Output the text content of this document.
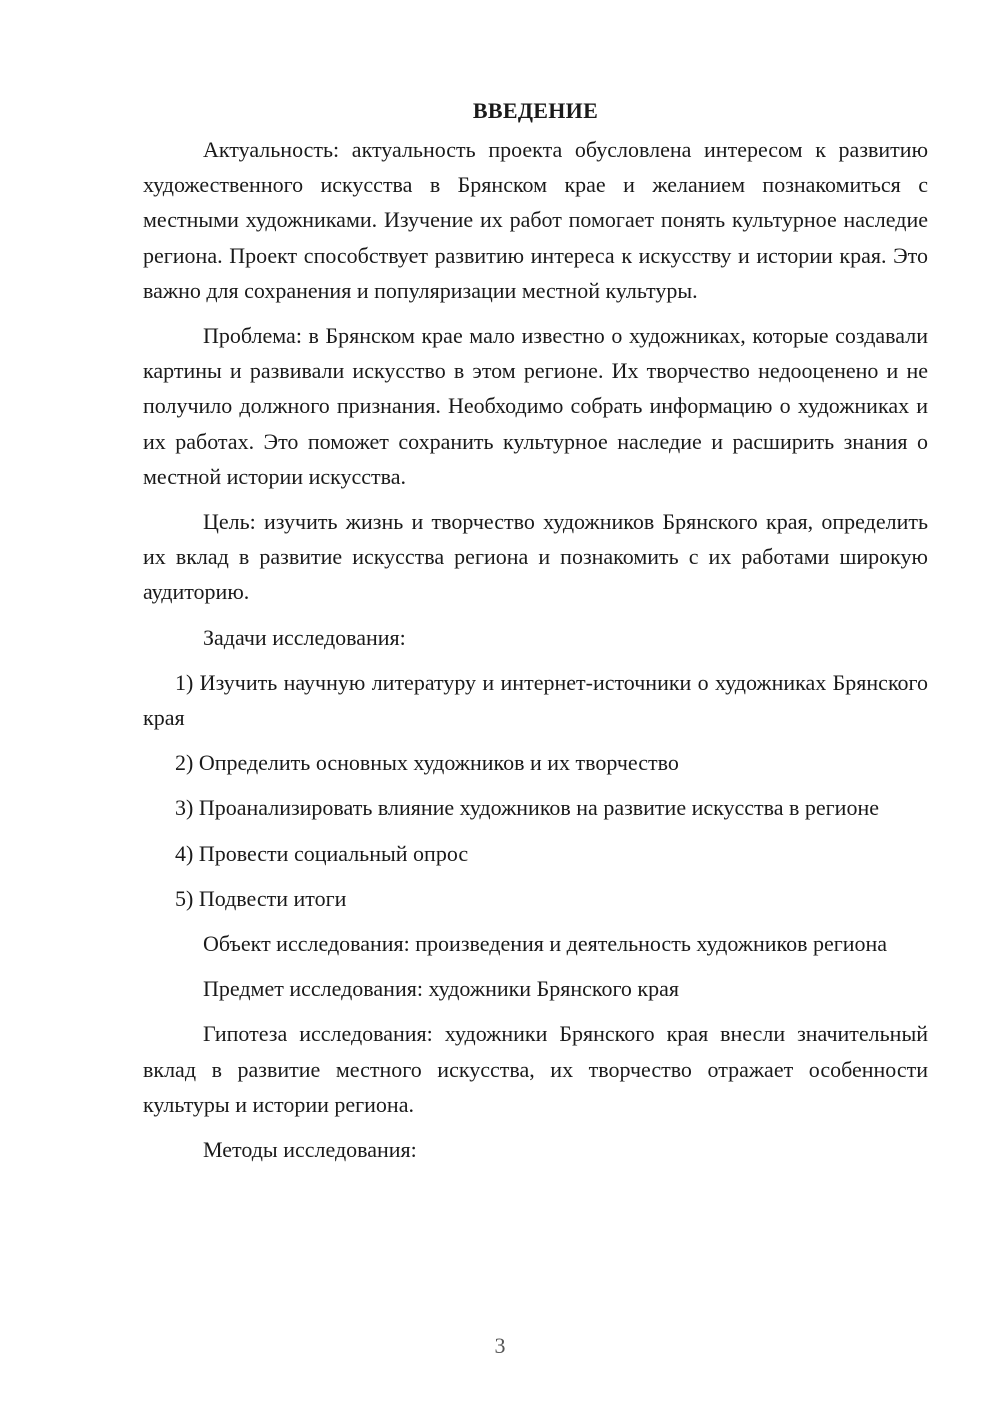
ВВЕДЕНИЕ

Актуальность: актуальность проекта обусловлена интересом к развитию художественного искусства в Брянском крае и желанием познакомиться с местными художниками. Изучение их работ помогает понять культурное наследие региона. Проект способствует развитию интереса к искусству и истории края. Это важно для сохранения и популяризации местной культуры.

Проблема: в Брянском крае мало известно о художниках, которые создавали картины и развивали искусство в этом регионе. Их творчество недооценено и не получило должного признания. Необходимо собрать информацию о художниках и их работах. Это поможет сохранить культурное наследие и расширить знания о местной истории искусства.

Цель: изучить жизнь и творчество художников Брянского края, определить их вклад в развитие искусства региона и познакомить с их работами широкую аудиторию.

Задачи исследования:

1) Изучить научную литературу и интернет-источники о художниках Брянского края

2) Определить основных художников и их творчество

3) Проанализировать влияние художников на развитие искусства в регионе

4) Провести социальный опрос

5) Подвести итоги

Объект исследования: произведения и деятельность художников региона

Предмет исследования: художники Брянского края

Гипотеза исследования: художники Брянского края внесли значительный вклад в развитие местного искусства, их творчество отражает особенности культуры и истории региона.

Методы исследования:

3
